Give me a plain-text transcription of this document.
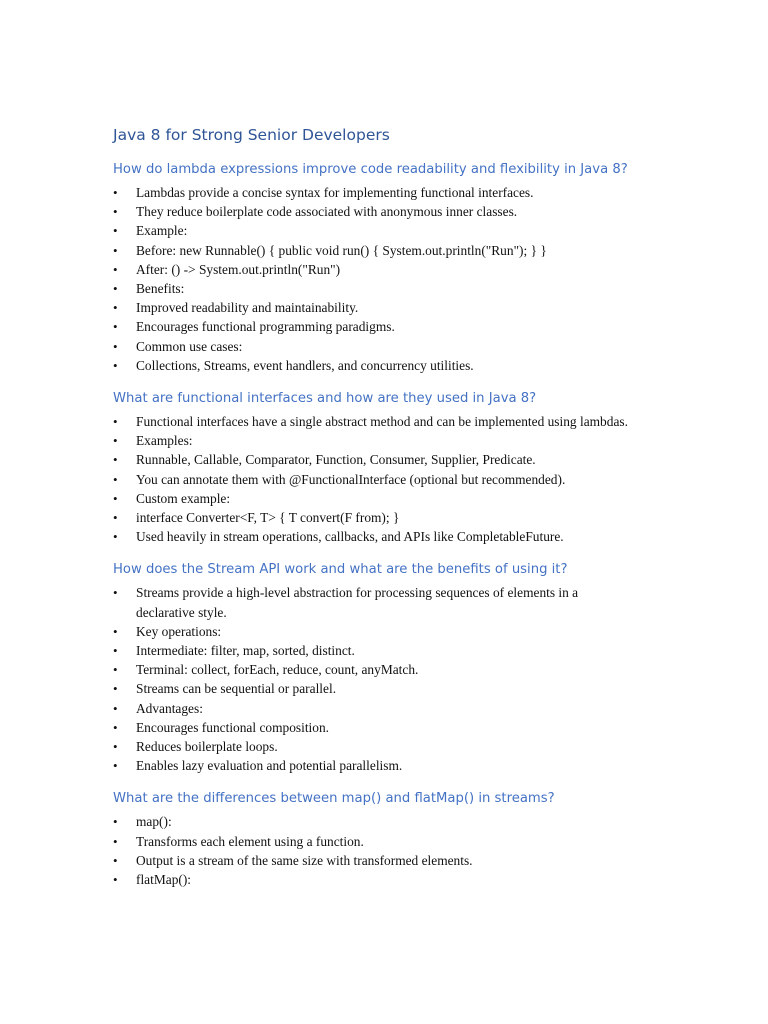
Java 8 for Strong Senior Developers
How do lambda expressions improve code readability and flexibility in Java 8?
• Lambdas provide a concise syntax for implementing functional interfaces.
• They reduce boilerplate code associated with anonymous inner classes.
• Example:
• Before: new Runnable() { public void run() { System.out.println("Run"); } }
• After: () -> System.out.println("Run")
• Benefits:
• Improved readability and maintainability.
• Encourages functional programming paradigms.
• Common use cases:
• Collections, Streams, event handlers, and concurrency utilities.
What are functional interfaces and how are they used in Java 8?
• Functional interfaces have a single abstract method and can be implemented using lambdas.
• Examples:
• Runnable, Callable, Comparator, Function, Consumer, Supplier, Predicate.
• You can annotate them with @FunctionalInterface (optional but recommended).
• Custom example:
• interface Converter<F, T> { T convert(F from); }
• Used heavily in stream operations, callbacks, and APIs like CompletableFuture.
How does the Stream API work and what are the benefits of using it?
• Streams provide a high-level abstraction for processing sequences of elements in a declarative style.
• Key operations:
• Intermediate: filter, map, sorted, distinct.
• Terminal: collect, forEach, reduce, count, anyMatch.
• Streams can be sequential or parallel.
• Advantages:
• Encourages functional composition.
• Reduces boilerplate loops.
• Enables lazy evaluation and potential parallelism.
What are the differences between map() and flatMap() in streams?
• map():
• Transforms each element using a function.
• Output is a stream of the same size with transformed elements.
• flatMap():
